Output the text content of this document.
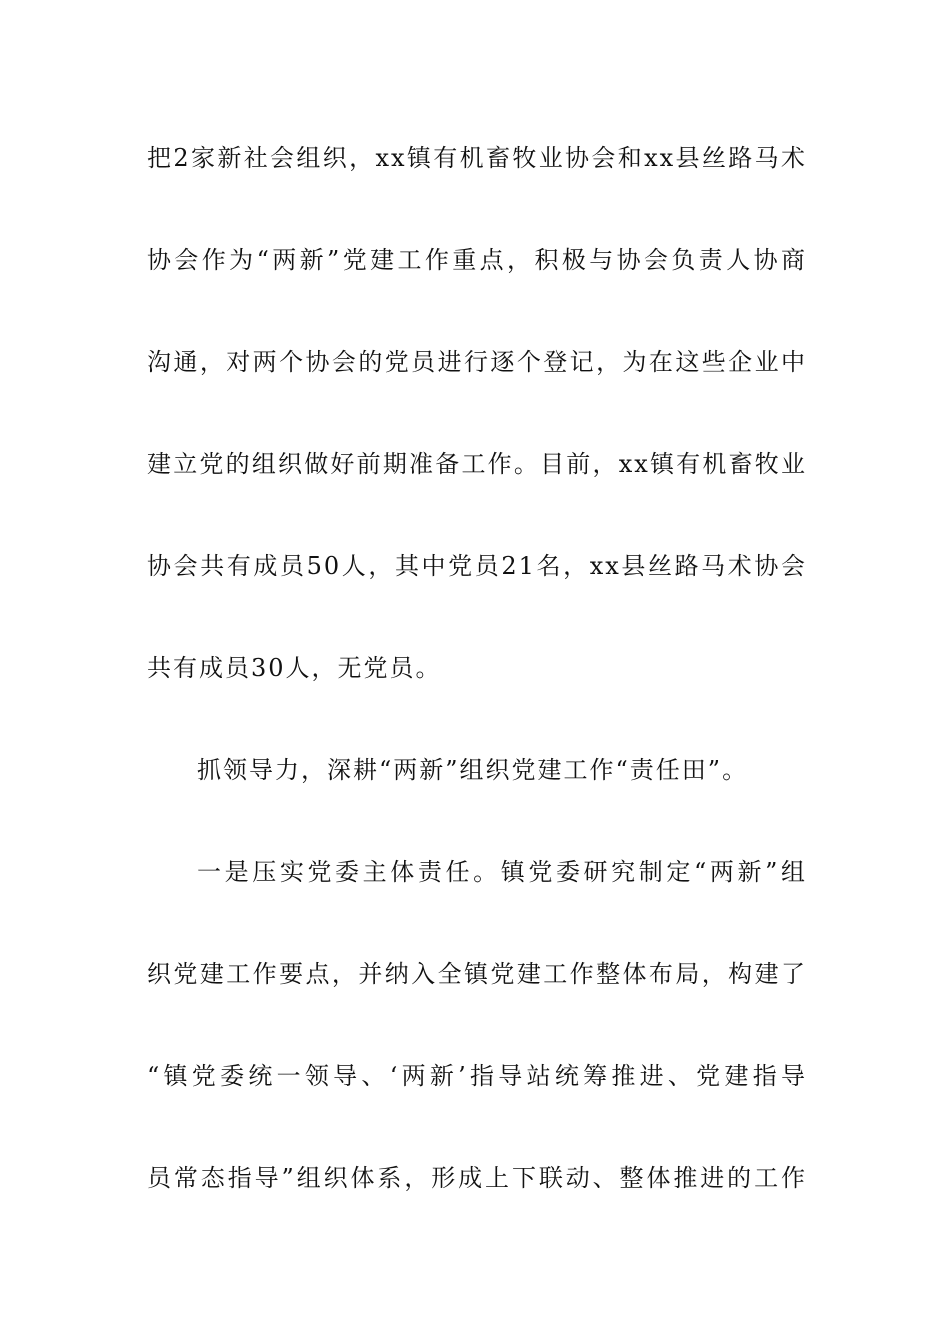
把2家新社会组织，xx镇有机畜牧业协会和xx县丝路马术
协会作为“两新”党建工作重点，积极与协会负责人协商
沟通，对两个协会的党员进行逐个登记，为在这些企业中
建立党的组织做好前期准备工作。目前，xx镇有机畜牧业
协会共有成员50人，其中党员21名，xx县丝路马术协会
共有成员30人，无党员。
抓领导力，深耕“两新”组织党建工作“责任田”。
一是压实党委主体责任。镇党委研究制定“两新”组
织党建工作要点，并纳入全镇党建工作整体布局，构建了
“镇党委统一领导、‘两新’指导站统筹推进、党建指导
员常态指导”组织体系，形成上下联动、整体推进的工作
